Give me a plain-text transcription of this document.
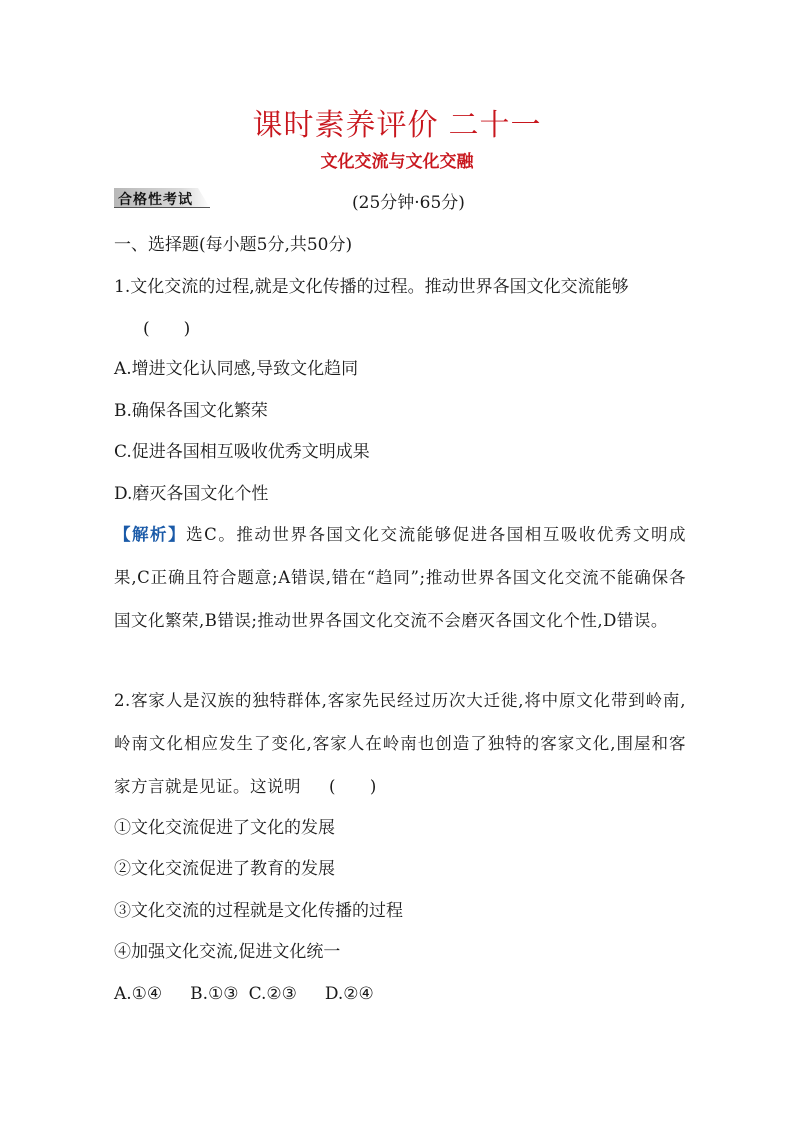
课时素养评价 二十一
文化交流与文化交融
合格性考试	(25分钟·65分)
一、选择题(每小题5分,共50分)
1.文化交流的过程,就是文化传播的过程。推动世界各国文化交流能够
(　　)
A.增进文化认同感,导致文化趋同
B.确保各国文化繁荣
C.促进各国相互吸收优秀文明成果
D.磨灭各国文化个性
【解析】选C。推动世界各国文化交流能够促进各国相互吸收优秀文明成果,C正确且符合题意;A错误,错在“趋同”;推动世界各国文化交流不能确保各国文化繁荣,B错误;推动世界各国文化交流不会磨灭各国文化个性,D错误。
2.客家人是汉族的独特群体,客家先民经过历次大迁徙,将中原文化带到岭南,岭南文化相应发生了变化,客家人在岭南也创造了独特的客家文化,围屋和客家方言就是见证。这说明 (　　)
①文化交流促进了文化的发展
②文化交流促进了教育的发展
③文化交流的过程就是文化传播的过程
④加强文化交流,促进文化统一
A.①④ B.①③ C.②③ D.②④
